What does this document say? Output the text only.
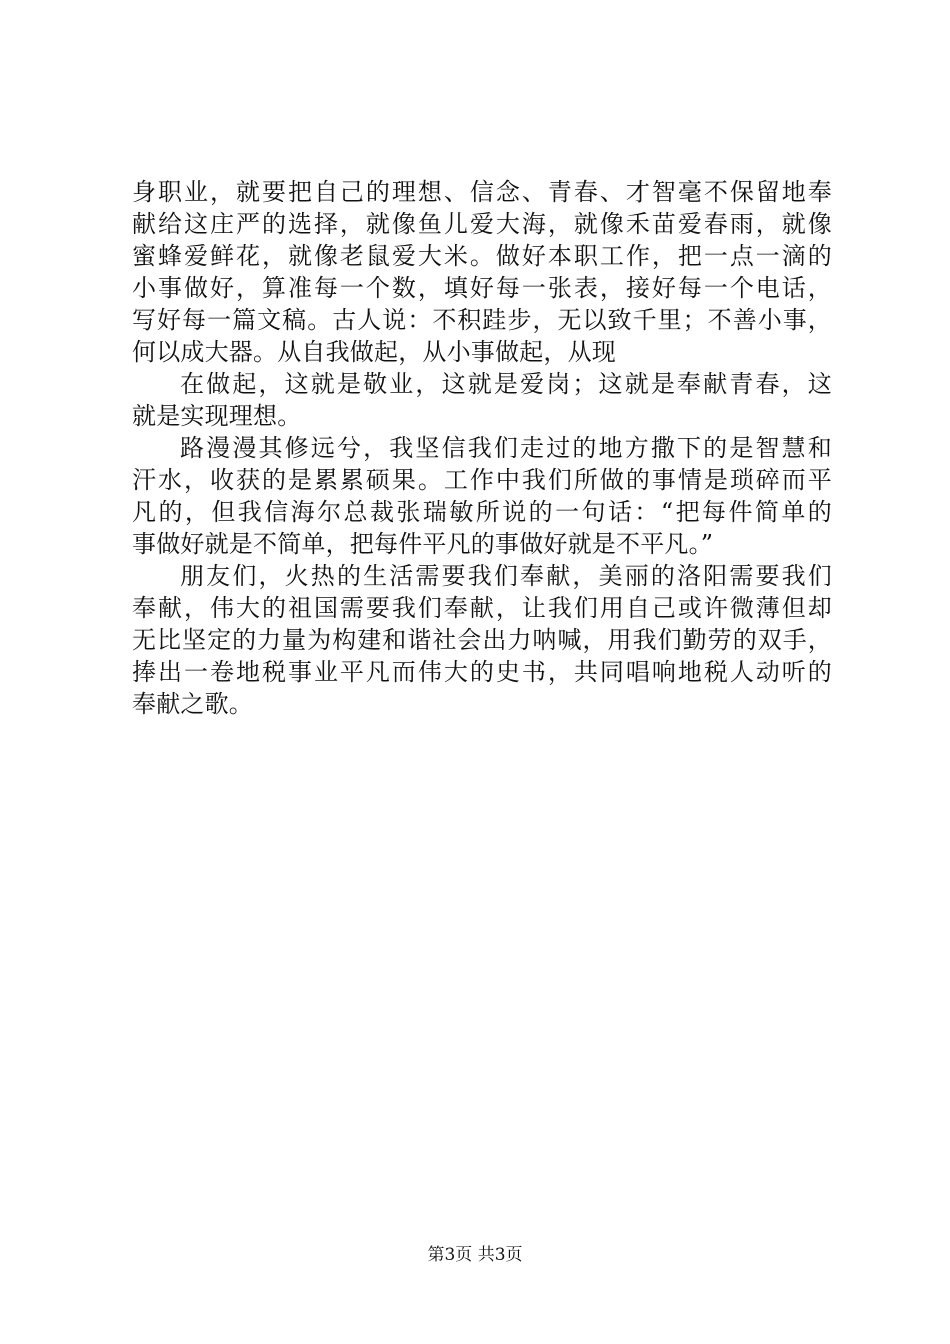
身职业，就要把自己的理想、信念、青春、才智毫不保留地奉
献给这庄严的选择，就像鱼儿爱大海，就像禾苗爱春雨，就像
蜜蜂爱鲜花，就像老鼠爱大米。做好本职工作，把一点一滴的
小事做好，算准每一个数，填好每一张表，接好每一个电话，
写好每一篇文稿。古人说：不积跬步，无以致千里；不善小事，
何以成大器。从自我做起，从小事做起，从现
在做起，这就是敬业，这就是爱岗；这就是奉献青春，这
就是实现理想。
路漫漫其修远兮，我坚信我们走过的地方撒下的是智慧和
汗水，收获的是累累硕果。工作中我们所做的事情是琐碎而平
凡的，但我信海尔总裁张瑞敏所说的一句话：“把每件简单的
事做好就是不简单，把每件平凡的事做好就是不平凡。”
朋友们，火热的生活需要我们奉献，美丽的洛阳需要我们
奉献，伟大的祖国需要我们奉献，让我们用自己或许微薄但却
无比坚定的力量为构建和谐社会出力呐喊，用我们勤劳的双手，
捧出一卷地税事业平凡而伟大的史书，共同唱响地税人动听的
奉献之歌。
第3页 共3页
